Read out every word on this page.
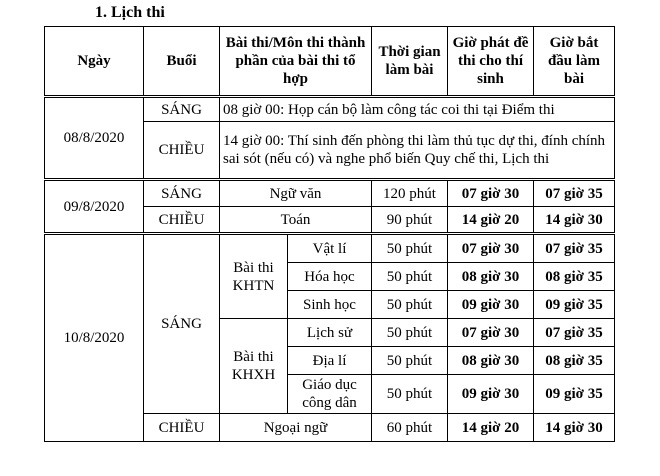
1. Lịch thi
Ngày	Buổi	Bài thi/Môn thi thành phần của bài thi tổ hợp		Thời gian làm bài	Giờ phát đề thi cho thí sinh	Giờ bắt đầu làm bài
08/8/2020	SÁNG	08 giờ 00: Họp cán bộ làm công tác coi thi tại Điểm thi				
	CHIỀU	14 giờ 00: Thí sinh đến phòng thi làm thủ tục dự thi, đính chính sai sót (nếu có) và nghe phổ biến Quy chế thi, Lịch thi				
09/8/2020	SÁNG	Ngữ văn		120 phút	07 giờ 30	07 giờ 35
	CHIỀU	Toán		90 phút	14 giờ 20	14 giờ 30
10/8/2020	SÁNG	Bài thi KHTN	Vật lí	50 phút	07 giờ 30	07 giờ 35
			Hóa học	50 phút	08 giờ 30	08 giờ 35
			Sinh học	50 phút	09 giờ 30	09 giờ 35
		Bài thi KHXH	Lịch sử	50 phút	07 giờ 30	07 giờ 35
			Địa lí	50 phút	08 giờ 30	08 giờ 35
			Giáo dục công dân	50 phút	09 giờ 30	09 giờ 35
	CHIỀU	Ngoại ngữ		60 phút	14 giờ 20	14 giờ 30
